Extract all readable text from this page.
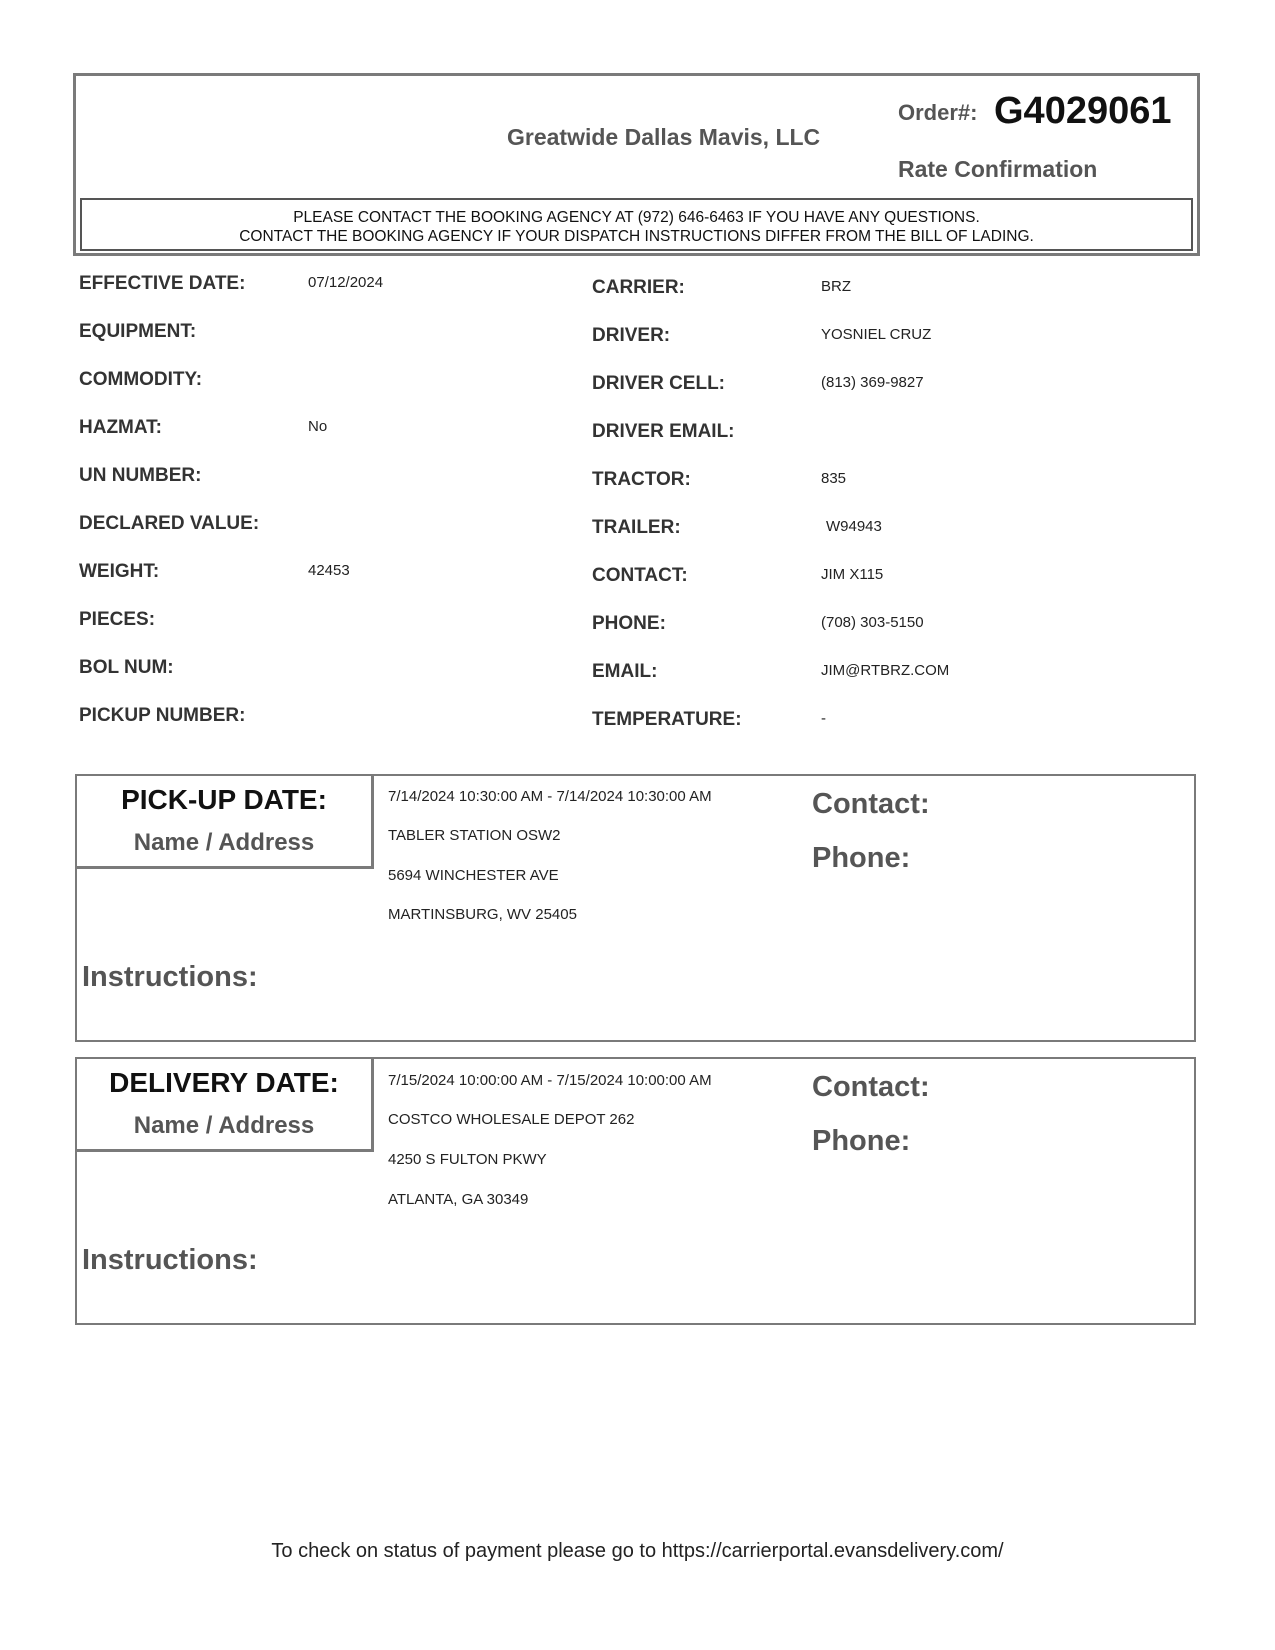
Greatwide Dallas Mavis, LLC
Order#: G4029061
Rate Confirmation
PLEASE CONTACT THE BOOKING AGENCY AT (972) 646-6463 IF YOU HAVE ANY QUESTIONS.
CONTACT THE BOOKING AGENCY IF YOUR DISPATCH INSTRUCTIONS DIFFER FROM THE BILL OF LADING.
EFFECTIVE DATE:	07/12/2024
EQUIPMENT:
COMMODITY:
HAZMAT:	No
UN NUMBER:
DECLARED VALUE:
WEIGHT:	42453
PIECES:
BOL NUM:
PICKUP NUMBER:
CARRIER:	BRZ
DRIVER:	YOSNIEL CRUZ
DRIVER CELL:	(813) 369-9827
DRIVER EMAIL:
TRACTOR:	835
TRAILER:	W94943
CONTACT:	JIM X115
PHONE:	(708) 303-5150
EMAIL:	JIM@RTBRZ.COM
TEMPERATURE:	-
PICK-UP DATE:
Name / Address
7/14/2024 10:30:00 AM - 7/14/2024 10:30:00 AM
TABLER STATION OSW2
5694 WINCHESTER AVE
MARTINSBURG, WV 25405
Contact:
Phone:
Instructions:
DELIVERY DATE:
Name / Address
7/15/2024 10:00:00 AM - 7/15/2024 10:00:00 AM
COSTCO WHOLESALE DEPOT 262
4250 S FULTON PKWY
ATLANTA, GA 30349
Contact:
Phone:
Instructions:
To check on status of payment please go to https://carrierportal.evansdelivery.com/
